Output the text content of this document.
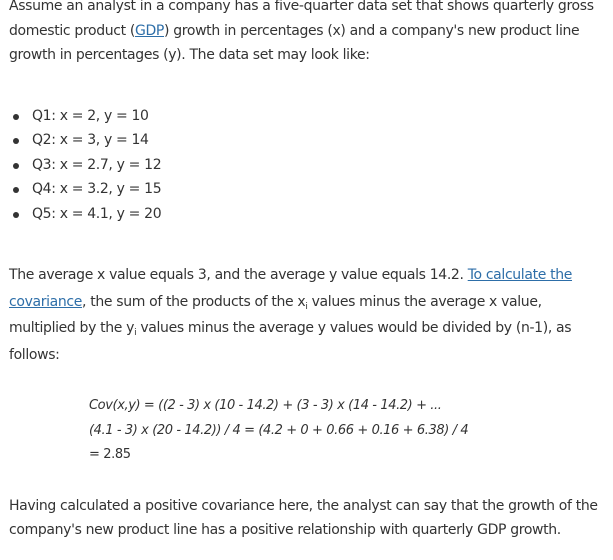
Assume an analyst in a company has a five-quarter data set that shows quarterly gross domestic product (GDP) growth in percentages (x) and a company's new product line growth in percentages (y). The data set may look like:

Q1: x = 2, y = 10
Q2: x = 3, y = 14
Q3: x = 2.7, y = 12
Q4: x = 3.2, y = 15
Q5: x = 4.1, y = 20

The average x value equals 3, and the average y value equals 14.2. To calculate the covariance, the sum of the products of the $x_i$ values minus the average x value, multiplied by the $y_i$ values minus the average y values would be divided by (n-1), as follows:

Cov(x,y) = ((2 - 3) x (10 - 14.2) + (3 - 3) x (14 - 14.2) + ...
(4.1 - 3) x (20 - 14.2)) / 4 = (4.2 + 0 + 0.66 + 0.16 + 6.38) / 4
= 2.85

Having calculated a positive covariance here, the analyst can say that the growth of the company's new product line has a positive relationship with quarterly GDP growth.
